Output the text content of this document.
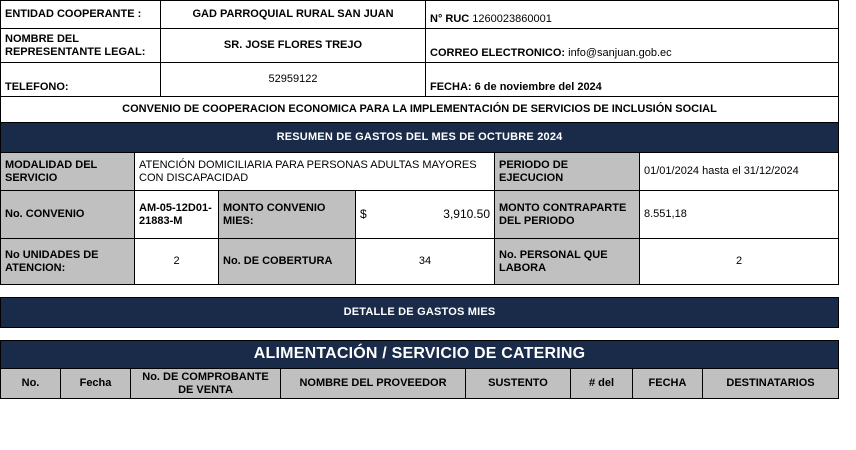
ENTIDAD COOPERANTE :	GAD PARROQUIAL RURAL SAN JUAN	N° RUC 1260023860001
NOMBRE DEL REPRESENTANTE LEGAL:	SR. JOSE FLORES TREJO	CORREO ELECTRONICO: info@sanjuan.gob.ec
TELEFONO:	52959122	FECHA: 6 de noviembre del 2024
CONVENIO DE COOPERACION ECONOMICA PARA LA IMPLEMENTACIÓN DE SERVICIOS DE INCLUSIÓN SOCIAL		
RESUMEN DE GASTOS DEL MES DE OCTUBRE 2024					
MODALIDAD DEL SERVICIO	ATENCIÓN DOMICILIARIA PARA PERSONAS ADULTAS MAYORES CON DISCAPACIDAD			PERIODO DE EJECUCION	01/01/2024 hasta el 31/12/2024
No. CONVENIO	AM-05-12D01-21883-M	MONTO CONVENIO MIES:	$ 3,910.50	MONTO CONTRAPARTE DEL PERIODO	8.551,18
No UNIDADES DE ATENCION:	2	No. DE COBERTURA	34	No. PERSONAL QUE LABORA	2

DETALLE DE GASTOS MIES					

ALIMENTACIÓN / SERVICIO DE CATERING					
No.	Fecha	No. DE COMPROBANTE DE VENTA	NOMBRE DEL PROVEEDOR	SUSTENTO	# del	FECHA	DESTINATARIOS
